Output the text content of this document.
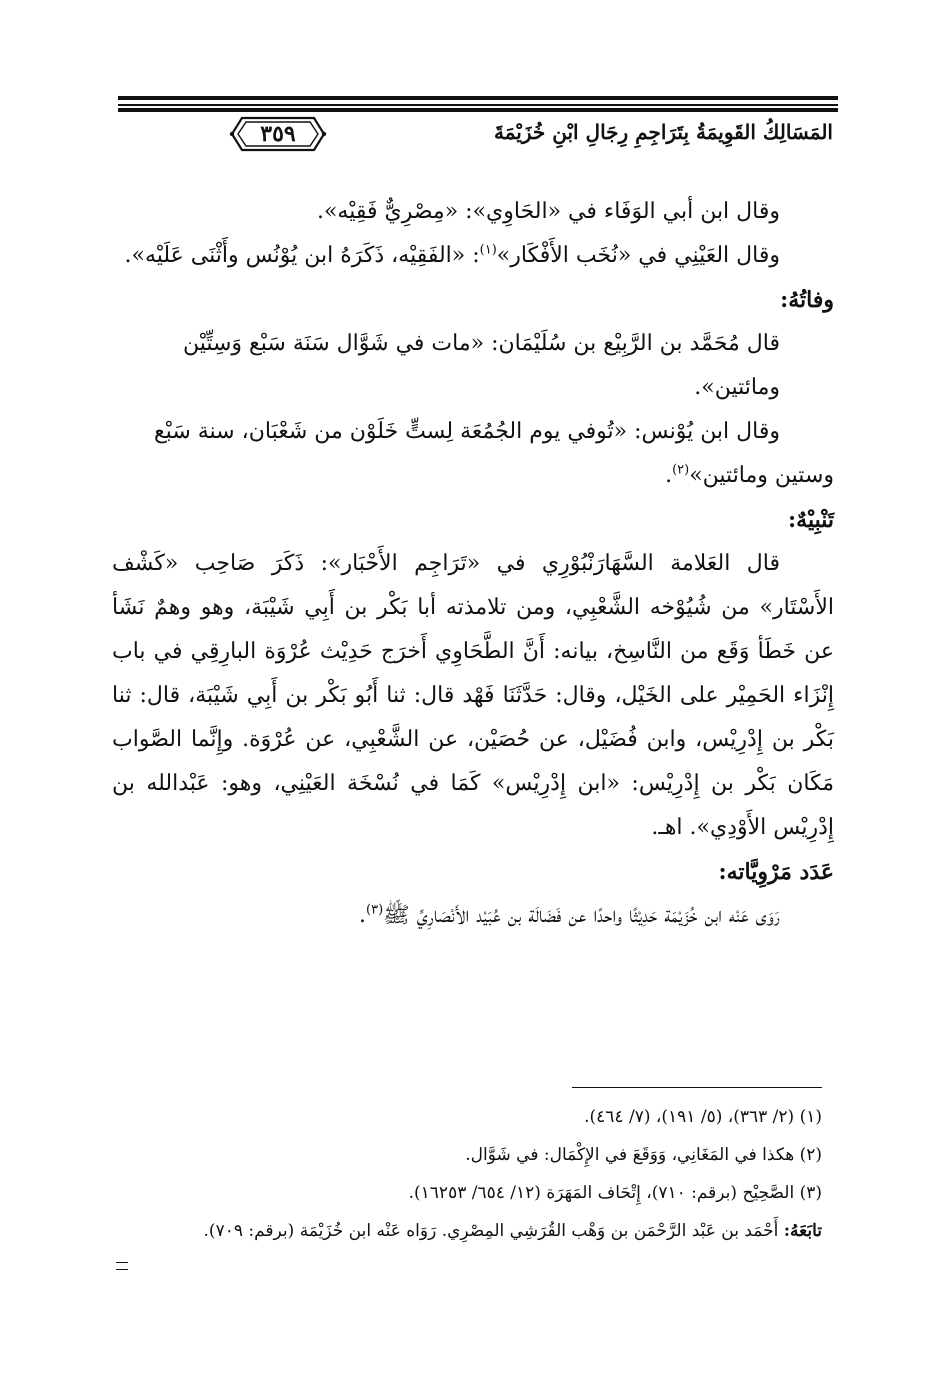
٣٥٩	المَسَالِكُ القَوِيمَةُ بِتَرَاجِمِ رِجَالِ ابْنِ خُزَيْمَةَ
وقال ابن أبي الوَفَاء في «الحَاوِي»: «مِصْرِيٌّ فَقِيْه».
وقال العَيْنِي في «نُخَب الأَفْكَار»$^{(١)}$: «الفَقِيْه، ذَكَرَهُ ابن يُوْنُس وأَثْنَى عَلَيْه».
وفاتُهُ:
قال مُحَمَّد بن الرَّبِيْع بن سُلَيْمَان: «مات في شَوَّال سَنَة سَبْع وَسِتِّيْن ومائتين».
وقال ابن يُوْنس: «تُوفي يوم الجُمُعَة لِستٍّ خَلَوْن من شَعْبَان، سنة سَبْع
وستين ومائتين»$^{(٢)}$.
تَنْبِيْهٌ:
قال العَلامة السَّهَارَنْبُوْرِي في «تَرَاجِم الأَحْبَار»: ذَكَرَ صَاحِب «كَشْف الأَسْتَار» من شُيُوْخه الشَّعْبِي، ومن تلامذته أبا بَكْر بن أَبِي شَيْبَة، وهو وهمٌ نَشَأ عن خَطَأ وَقَع من النَّاسِخ، بيانه: أَنَّ الطَّحَاوِي أَخرَج حَدِيْث عُرْوَة البارِقِي في باب إِنْزَاء الحَمِيْر على الخَيْل، وقال: حَدَّثَنَا فَهْد قال: ثنا أَبُو بَكْر بن أَبِي شَيْبَة، قال: ثنا بَكْر بن إِدْرِيْس، وابن فُضَيْل، عن حُصَيْن، عن الشَّعْبِي، عن عُرْوَة. وإِنَّما الصَّواب مَكَان بَكْر بن إِدْرِيْس: «ابن إِدْرِيْس» كَمَا في نُسْخَة العَيْنِي، وهو: عَبْدالله بن إِدْرِيْس الأَوْدِي». اهـ.
عَدَد مَرْوِيَّاته:
رَوَى عَنْه ابن خُزَيْمَة حَدِيْثًا واحدًا عن فَضَالَة بن عُبَيْد الأَنْصَارِيِّ ﷺ$^{(٣)}$.
(١) (٢/ ٣٦٣)، (٥/ ١٩١)، (٧/ ٤٦٤).
(٢) هكذا في المَغَانِي، وَوَقَعَ في الإِكْمَال: في شَوَّال.
(٣) الصَّحِيْح (برقم: ٧١٠)، إِتْحَاف المَهَرَة (١٢/ ٦٥٤/ ١٦٢٥٣).
تابَعَهُ: أَحْمَد بن عَبْد الرَّحْمَن بن وَهْب القُرَشِي المِصْرِي. رَوَاه عَنْه ابن خُزَيْمَة (برقم: ٧٠٩).
